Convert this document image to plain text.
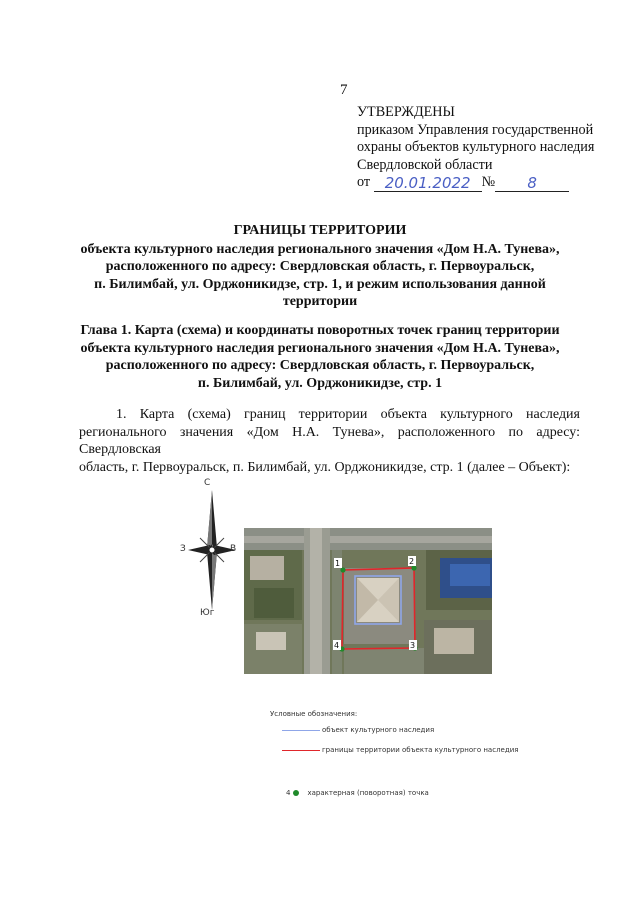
7
УТВЕРЖДЕНЫ
приказом Управления государственной
охраны объектов культурного наследия
Свердловской области
от
20.01.2022 №	8
ГРАНИЦЫ ТЕРРИТОРИИ
объекта культурного наследия регионального значения «Дом Н.А. Тунева»,
расположенного по адресу: Свердловская область, г. Первоуральск,
п. Билимбай, ул. Орджоникидзе, стр. 1, и режим использования данной
территории
Глава 1. Карта (схема) и координаты поворотных точек границ территории
объекта культурного наследия регионального значения «Дом Н.А. Тунева»,
расположенного по адресу: Свердловская область, г. Первоуральск,
п. Билимбай, ул. Орджоникидзе, стр. 1
1. Карта (схема) границ территории объекта культурного наследия
регионального значения «Дом Н.А. Тунева», расположенного по адресу: Свердловская
область, г. Первоуральск, п. Билимбай, ул. Орджоникидзе, стр. 1 (далее – Объект):
С
Юг
З	В
1	2
3
4
Условные обозначения:
объект культурного наследия
границы территории объекта культурного наследия
4 характерная (поворотная) точка
